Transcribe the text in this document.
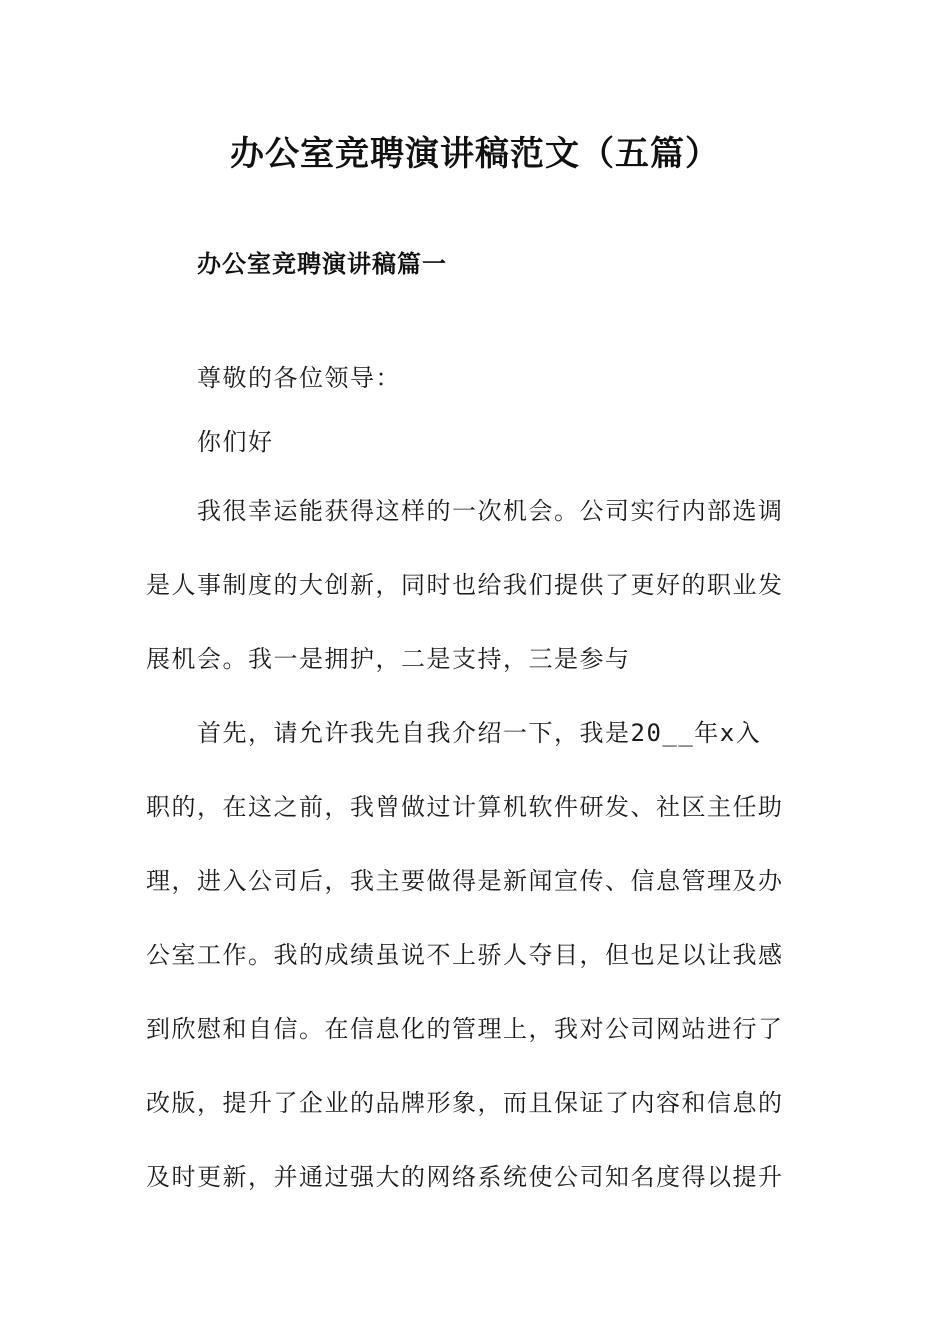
办公室竞聘演讲稿范文（五篇）
办公室竞聘演讲稿篇一

尊敬的各位领导：

你们好

我很幸运能获得这样的一次机会。公司实行内部选调是人事制度的大创新，同时也给我们提供了更好的职业发展机会。我一是拥护，二是支持，三是参与

首先，请允许我先自我介绍一下，我是20__年x入职的，在这之前，我曾做过计算机软件研发、社区主任助理，进入公司后，我主要做得是新闻宣传、信息管理及办公室工作。我的成绩虽说不上骄人夺目，但也足以让我感到欣慰和自信。在信息化的管理上，我对公司网站进行了改版，提升了企业的品牌形象，而且保证了内容和信息的及时更新，并通过强大的网络系统使公司知名度得以提升
